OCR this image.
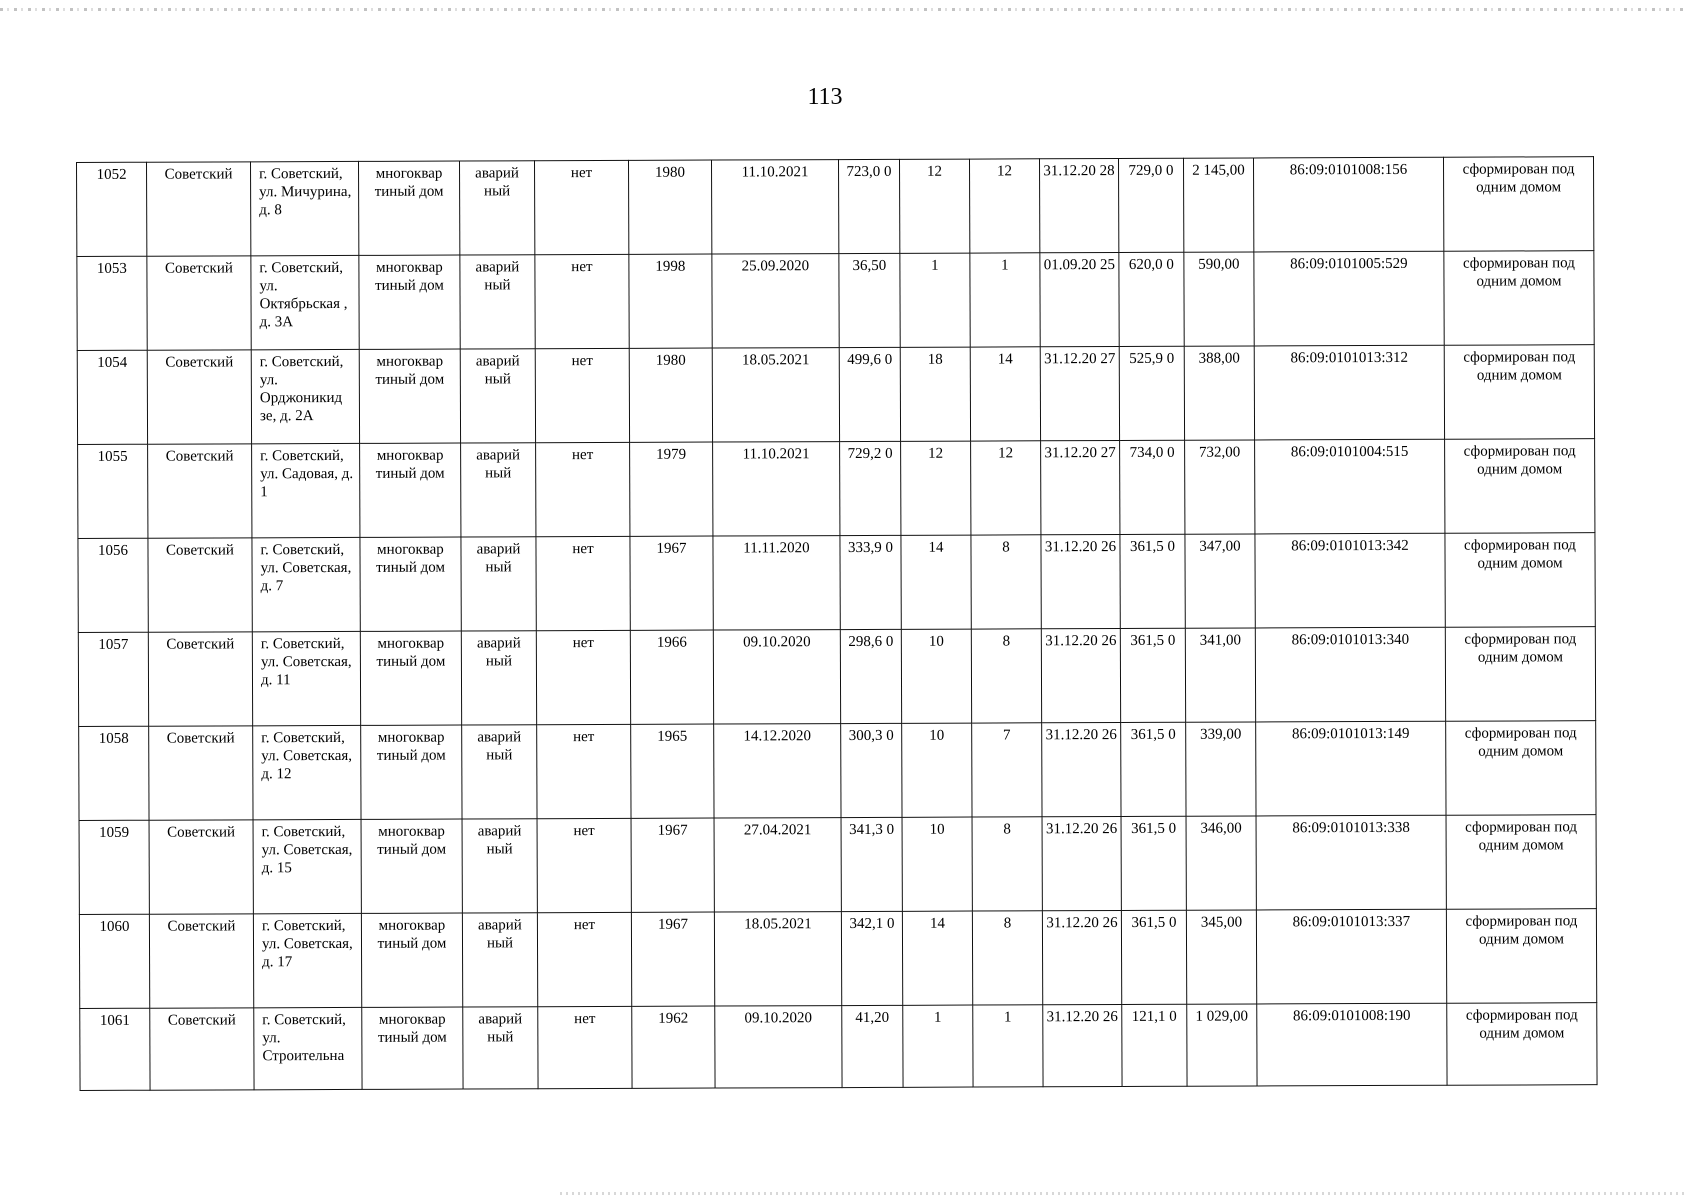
113
1052	Советский	г. Советский, ул. Мичурина, д. 8	многоквар тиный дом	аварий ный	нет	1980	11.10.2021	723,0 0	12	12	31.12.20 28	729,0 0	2 145,00	86:09:0101008:156	сформирован под одним домом
1053	Советский	г. Советский, ул. Октябрьская , д. 3А	многоквар тиный дом	аварий ный	нет	1998	25.09.2020	36,50	1	1	01.09.20 25	620,0 0	590,00	86:09:0101005:529	сформирован под одним домом
1054	Советский	г. Советский, ул. Орджоникид зе, д. 2А	многоквар тиный дом	аварий ный	нет	1980	18.05.2021	499,6 0	18	14	31.12.20 27	525,9 0	388,00	86:09:0101013:312	сформирован под одним домом
1055	Советский	г. Советский, ул. Садовая, д. 1	многоквар тиный дом	аварий ный	нет	1979	11.10.2021	729,2 0	12	12	31.12.20 27	734,0 0	732,00	86:09:0101004:515	сформирован под одним домом
1056	Советский	г. Советский, ул. Советская, д. 7	многоквар тиный дом	аварий ный	нет	1967	11.11.2020	333,9 0	14	8	31.12.20 26	361,5 0	347,00	86:09:0101013:342	сформирован под одним домом
1057	Советский	г. Советский, ул. Советская, д. 11	многоквар тиный дом	аварий ный	нет	1966	09.10.2020	298,6 0	10	8	31.12.20 26	361,5 0	341,00	86:09:0101013:340	сформирован под одним домом
1058	Советский	г. Советский, ул. Советская, д. 12	многоквар тиный дом	аварий ный	нет	1965	14.12.2020	300,3 0	10	7	31.12.20 26	361,5 0	339,00	86:09:0101013:149	сформирован под одним домом
1059	Советский	г. Советский, ул. Советская, д. 15	многоквар тиный дом	аварий ный	нет	1967	27.04.2021	341,3 0	10	8	31.12.20 26	361,5 0	346,00	86:09:0101013:338	сформирован под одним домом
1060	Советский	г. Советский, ул. Советская, д. 17	многоквар тиный дом	аварий ный	нет	1967	18.05.2021	342,1 0	14	8	31.12.20 26	361,5 0	345,00	86:09:0101013:337	сформирован под одним домом
1061	Советский	г. Советский, ул. Строительна	многоквар тиный дом	аварий ный	нет	1962	09.10.2020	41,20	1	1	31.12.20 26	121,1 0	1 029,00	86:09:0101008:190	сформирован под одним домом
